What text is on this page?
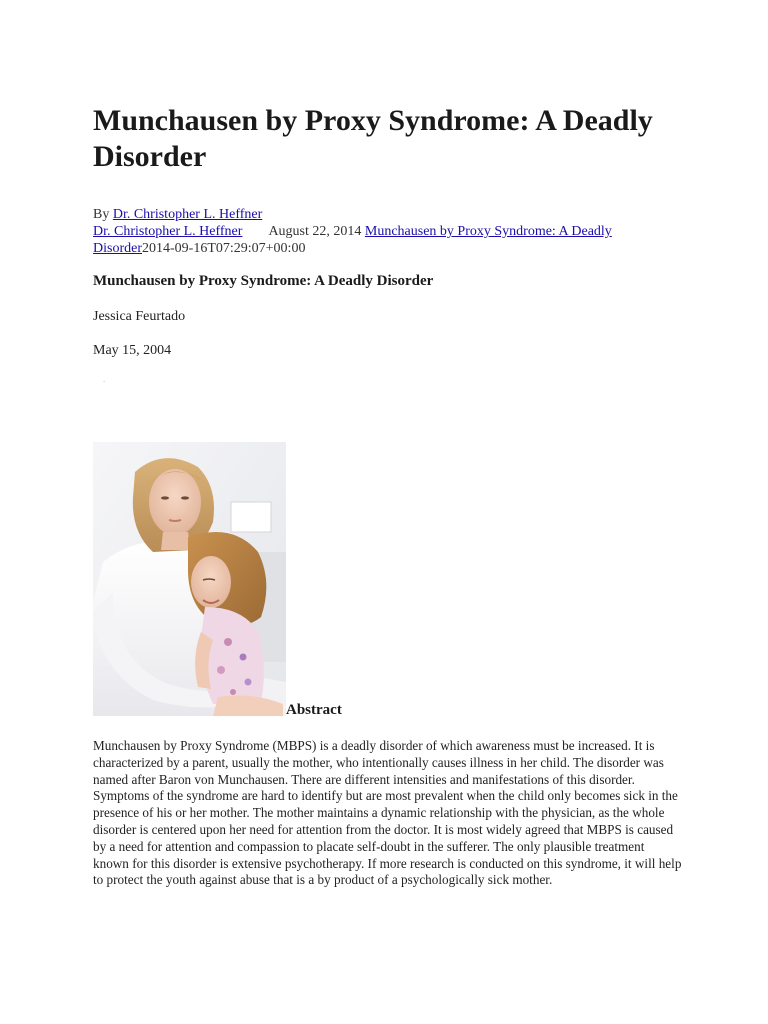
Munchausen by Proxy Syndrome: A Deadly Disorder
By Dr. Christopher L. Heffner
Dr. Christopher L. Heffner August 22, 2014 Munchausen by Proxy Syndrome: A Deadly Disorder2014-09-16T07:29:07+00:00
Munchausen by Proxy Syndrome: A Deadly Disorder
Jessica Feurtado
May 15, 2004
.
Abstract

Munchausen by Proxy Syndrome (MBPS) is a deadly disorder of which awareness must be increased. It is characterized by a parent, usually the mother, who intentionally causes illness in her child. The disorder was named after Baron von Munchausen. There are different intensities and manifestations of this disorder. Symptoms of the syndrome are hard to identify but are most prevalent when the child only becomes sick in the presence of his or her mother. The mother maintains a dynamic relationship with the physician, as the whole disorder is centered upon her need for attention from the doctor. It is most widely agreed that MBPS is caused by a need for attention and compassion to placate self-doubt in the sufferer. The only plausible treatment known for this disorder is extensive psychotherapy. If more research is conducted on this syndrome, it will help to protect the youth against abuse that is a by product of a psychologically sick mother.
